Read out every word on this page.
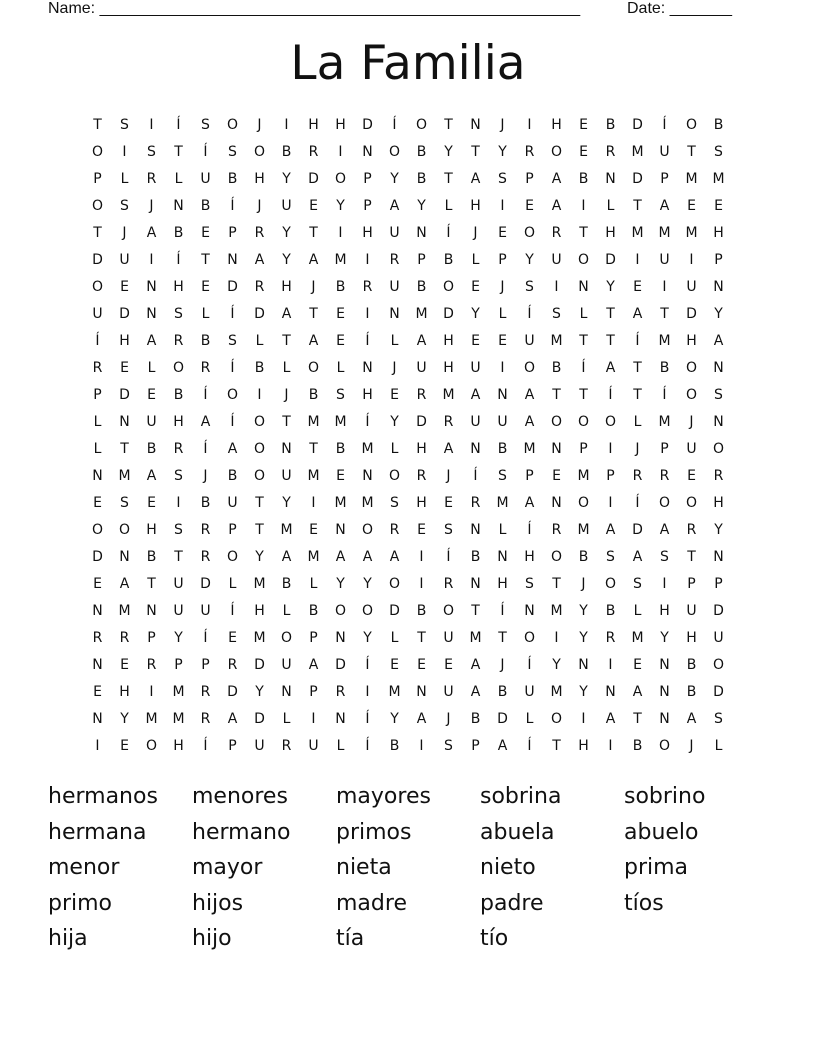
Name: ______________________________________________________	Date: _______
La Familia
T	S	I	Í	S	O	J	I	H	H	D	Í	O	T	N	J	I	H	E	B	D	Í	O	B
O	I	S	T	Í	S	O	B	R	I	N	O	B	Y	T	Y	R	O	E	R	M	U	T	S
P	L	R	L	U	B	H	Y	D	O	P	Y	B	T	A	S	P	A	B	N	D	P	M	M
O	S	J	N	B	Í	J	U	E	Y	P	A	Y	L	H	I	E	A	I	L	T	A	E	E
T	J	A	B	E	P	R	Y	T	I	H	U	N	Í	J	E	O	R	T	H	M	M	M	H
D	U	I	Í	T	N	A	Y	A	M	I	R	P	B	L	P	Y	U	O	D	I	U	I	P
O	E	N	H	E	D	R	H	J	B	R	U	B	O	E	J	S	I	N	Y	E	I	U	N
U	D	N	S	L	Í	D	A	T	E	I	N	M	D	Y	L	Í	S	L	T	A	T	D	Y
Í	H	A	R	B	S	L	T	A	E	Í	L	A	H	E	E	U	M	T	T	Í	M	H	A
R	E	L	O	R	Í	B	L	O	L	N	J	U	H	U	I	O	B	Í	A	T	B	O	N
P	D	E	B	Í	O	I	J	B	S	H	E	R	M	A	N	A	T	T	Í	T	Í	O	S
L	N	U	H	A	Í	O	T	M	M	Í	Y	D	R	U	U	A	O	O	O	L	M	J	N
L	T	B	R	Í	A	O	N	T	B	M	L	H	A	N	B	M	N	P	I	J	P	U	O
N	M	A	S	J	B	O	U	M	E	N	O	R	J	Í	S	P	E	M	P	R	R	E	R
E	S	E	I	B	U	T	Y	I	M	M	S	H	E	R	M	A	N	O	I	Í	O	O	H
O	O	H	S	R	P	T	M	E	N	O	R	E	S	N	L	Í	R	M	A	D	A	R	Y
D	N	B	T	R	O	Y	A	M	A	A	A	I	Í	B	N	H	O	B	S	A	S	T	N
E	A	T	U	D	L	M	B	L	Y	Y	O	I	R	N	H	S	T	J	O	S	I	P	P
N	M	N	U	U	Í	H	L	B	O	O	D	B	O	T	Í	N	M	Y	B	L	H	U	D
R	R	P	Y	Í	E	M	O	P	N	Y	L	T	U	M	T	O	I	Y	R	M	Y	H	U
N	E	R	P	P	R	D	U	A	D	Í	E	E	E	A	J	Í	Y	N	I	E	N	B	O
E	H	I	M	R	D	Y	N	P	R	I	M	N	U	A	B	U	M	Y	N	A	N	B	D
N	Y	M	M	R	A	D	L	I	N	Í	Y	A	J	B	D	L	O	I	A	T	N	A	S
I	E	O	H	Í	P	U	R	U	L	Í	B	I	S	P	A	Í	T	H	I	B	O	J	L
hermanos	menores	mayores	sobrina	sobrino
hermana	hermano	primos	abuela	abuelo
menor	mayor	nieta	nieto	prima
primo	hijos	madre	padre	tíos
hija	hijo	tía	tío
